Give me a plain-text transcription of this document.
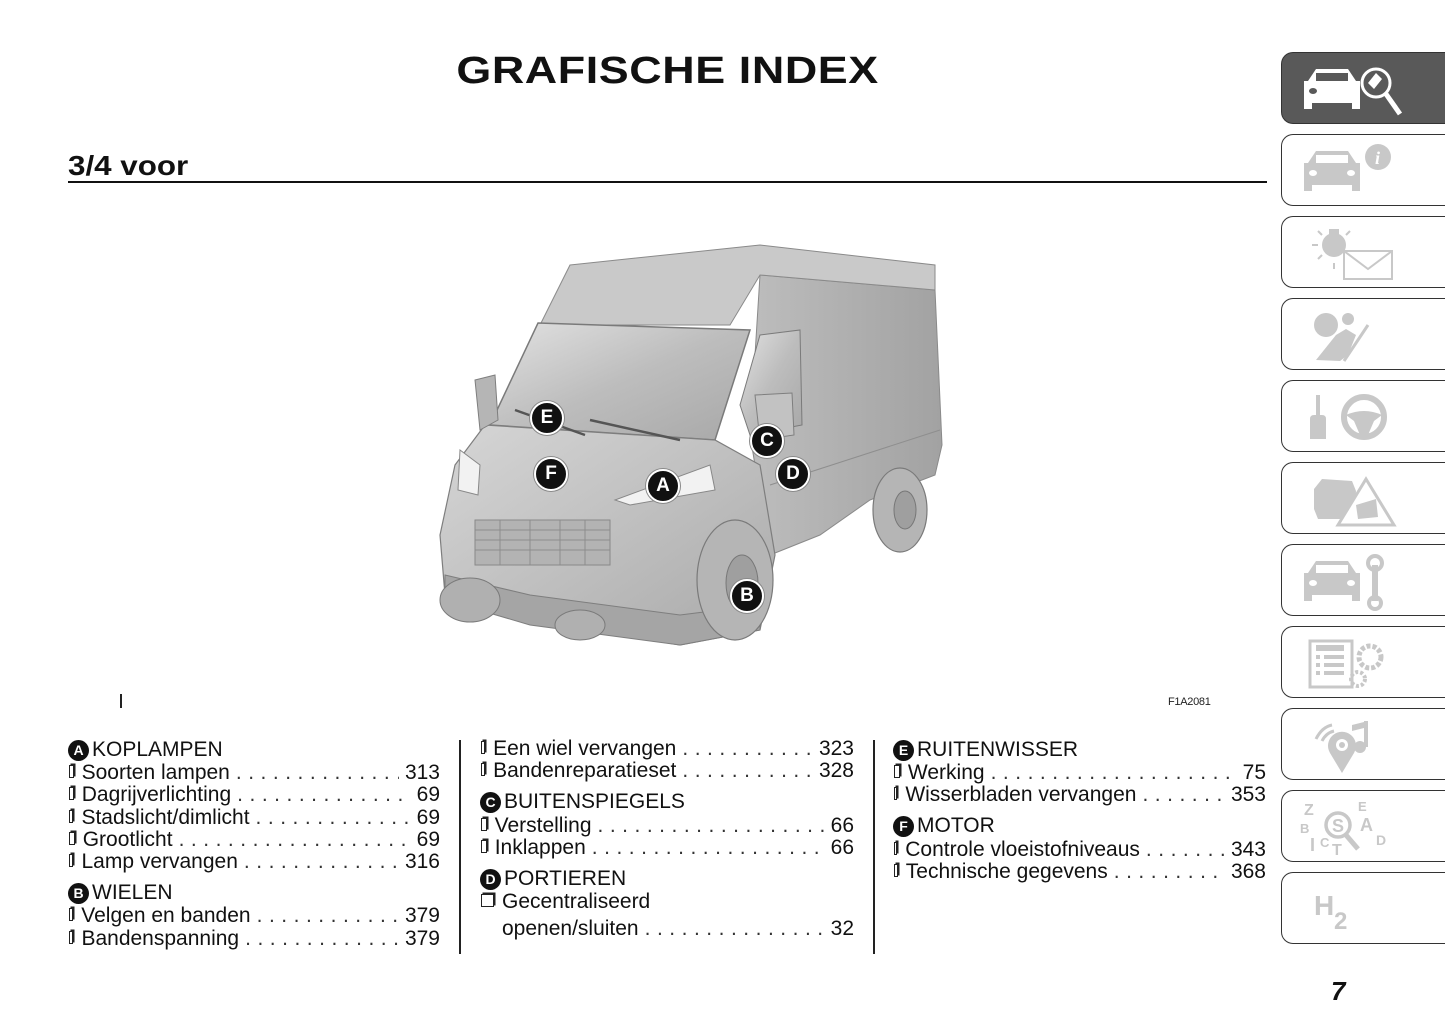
GRAFISCHE INDEX
3/4 voor
E
F
A
C
D
B
F1A2081
A KOPLAMPEN
Soorten lampen .....	313
Dagrijverlichting .....	69
Stadslicht/dimlicht .....	69
Grootlicht .....	69
Lamp vervangen .....	316
B WIELEN
Velgen en banden .....	379
Bandenspanning .....	379
Een wiel vervangen .....	323
Bandenreparatieset .....	328
C BUITENSPIEGELS
Verstelling .....	66
Inklappen .....	66
D PORTIEREN
Gecentraliseerd
openen/sluiten .....	32
E RUITENWISSER
Werking .....	75
Wisserbladen vervangen .....	353
F MOTOR
Controle vloeistofniveaus .....	343
Technische gegevens .....	368
i
Z
B
I C T
E
A
D
S
H
2
7
